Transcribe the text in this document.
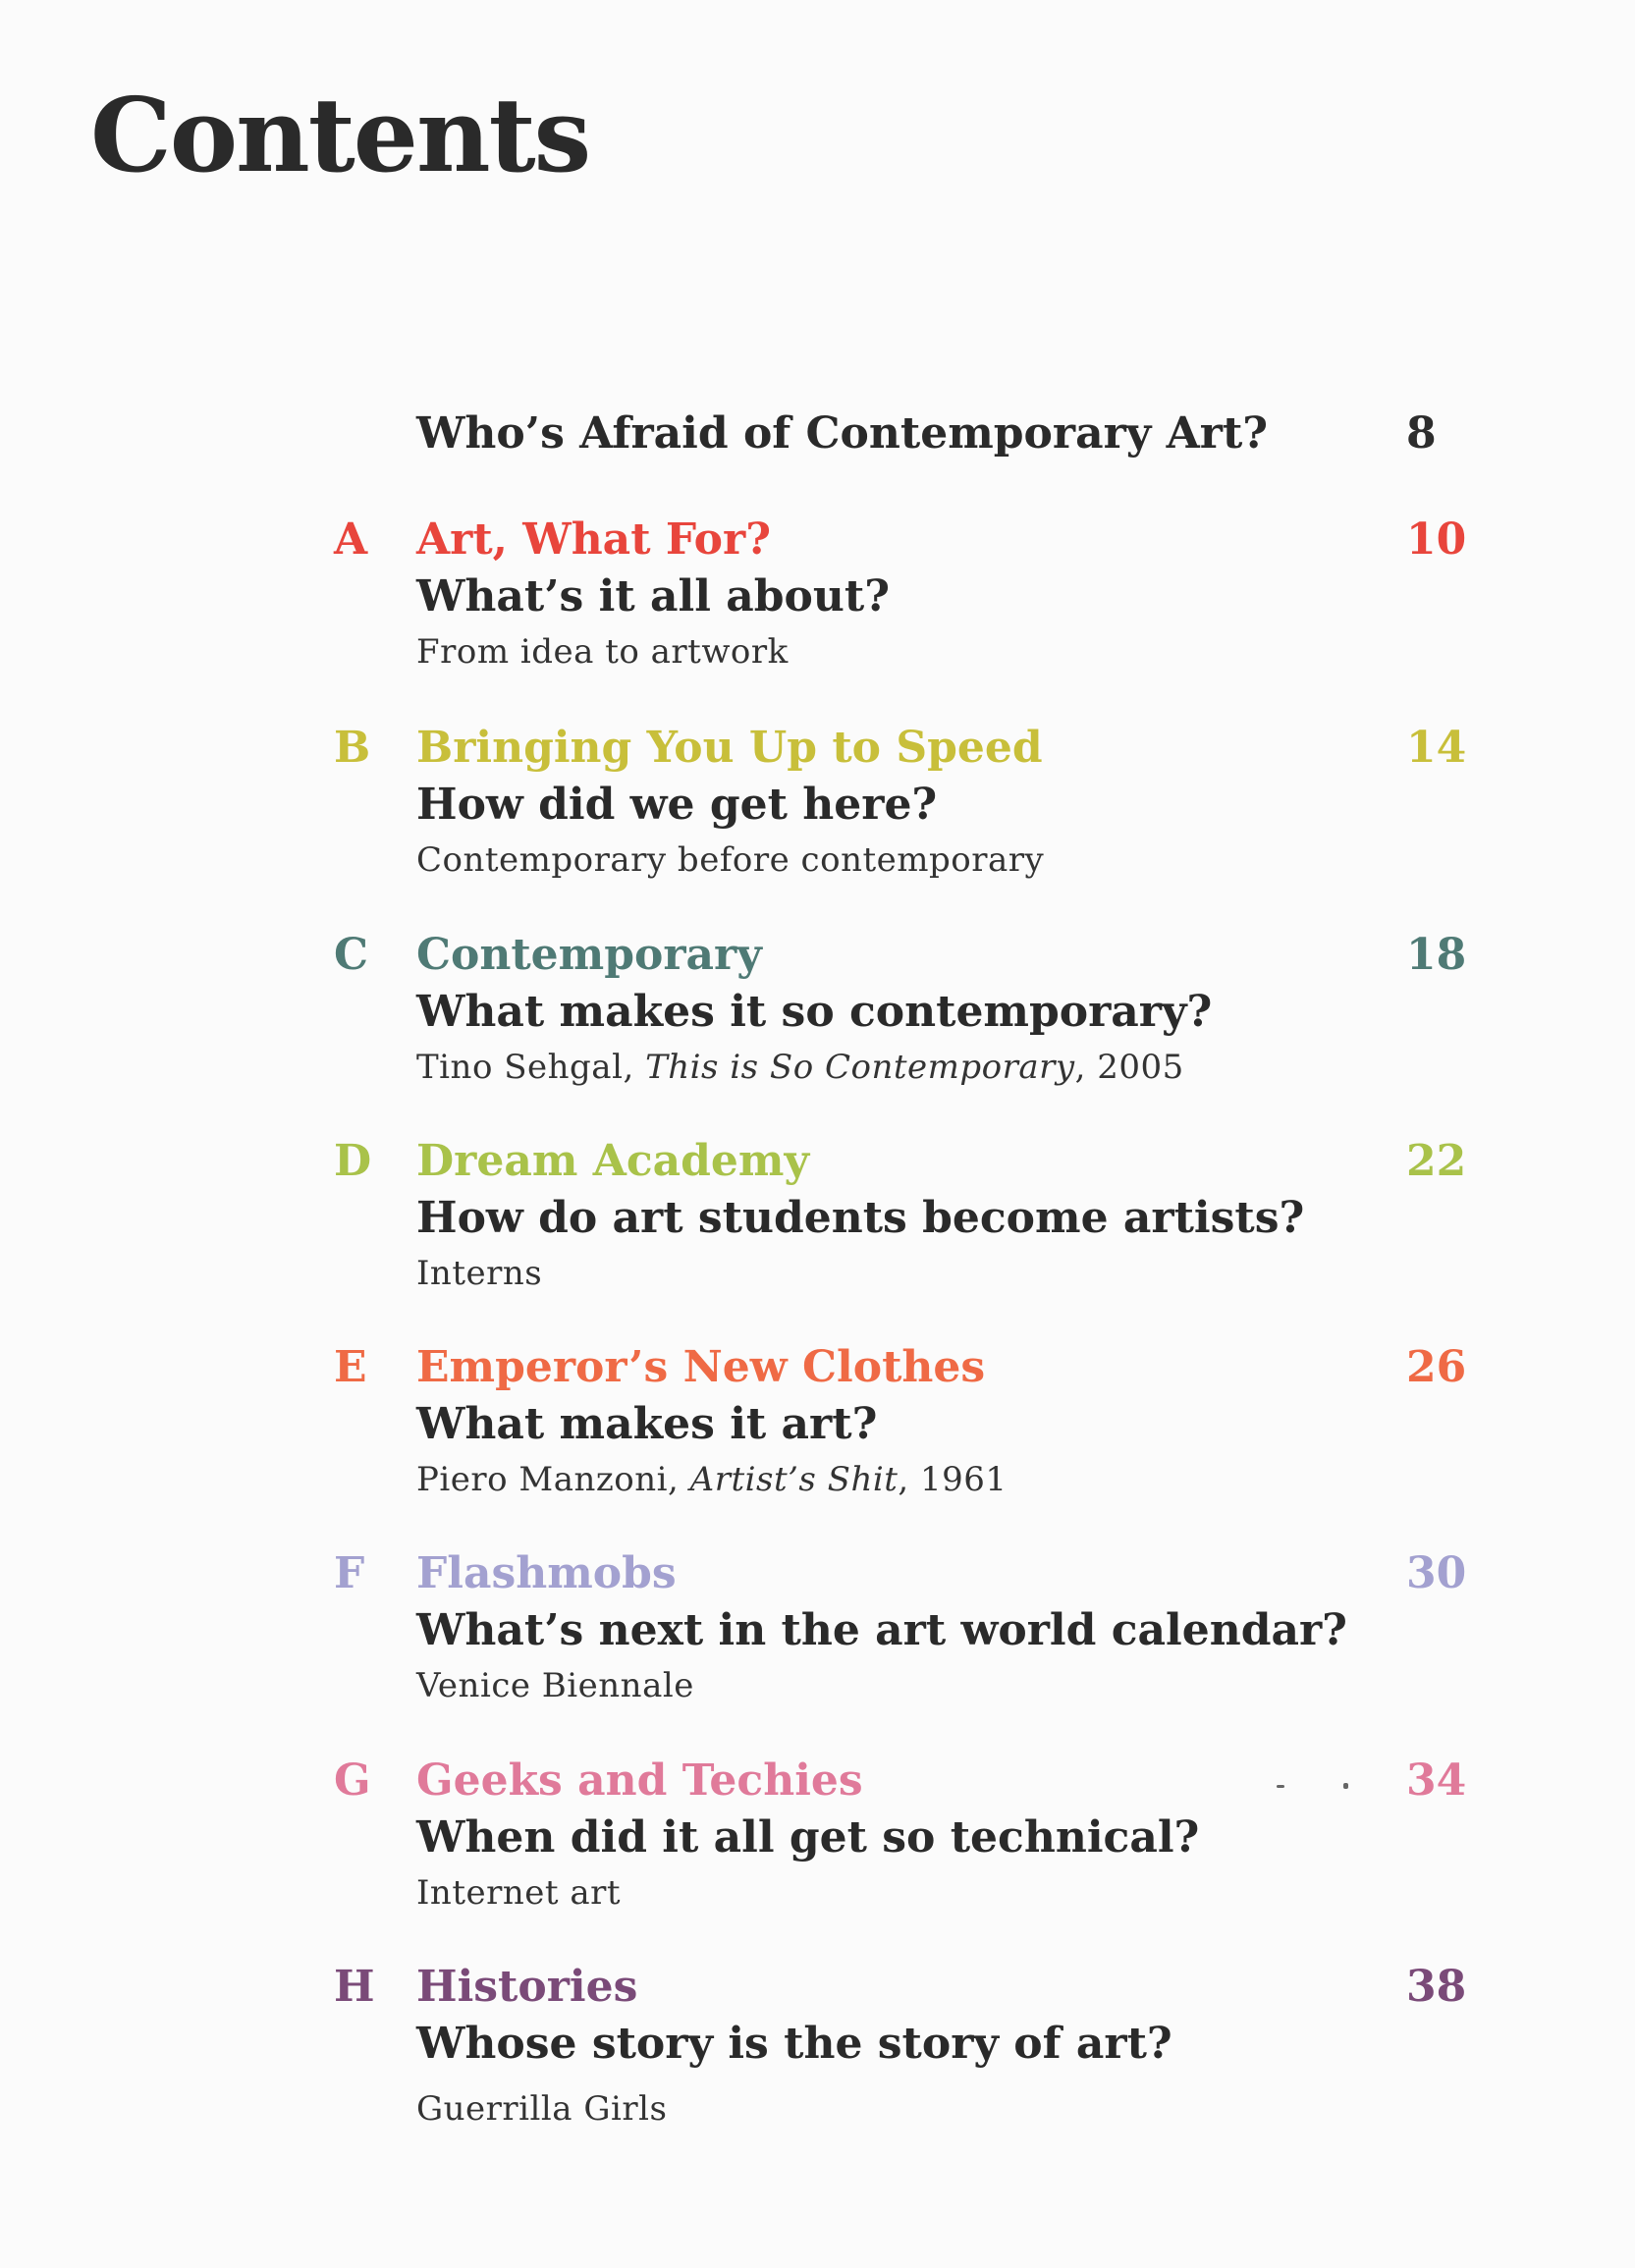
Contents
Who’s Afraid of Contemporary Art?	8
A	Art, What For?	10
What’s it all about?
From idea to artwork
B	Bringing You Up to Speed	14
How did we get here?
Contemporary before contemporary
C	Contemporary	18
What makes it so contemporary?
Tino Sehgal, This is So Contemporary, 2005
D	Dream Academy	22
How do art students become artists?
Interns
E	Emperor’s New Clothes	26
What makes it art?
Piero Manzoni, Artist’s Shit, 1961
F	Flashmobs	30
What’s next in the art world calendar?
Venice Biennale
G	Geeks and Techies	34
When did it all get so technical?
Internet art
H Histories	38
Whose story is the story of art?
Guerrilla Girls
